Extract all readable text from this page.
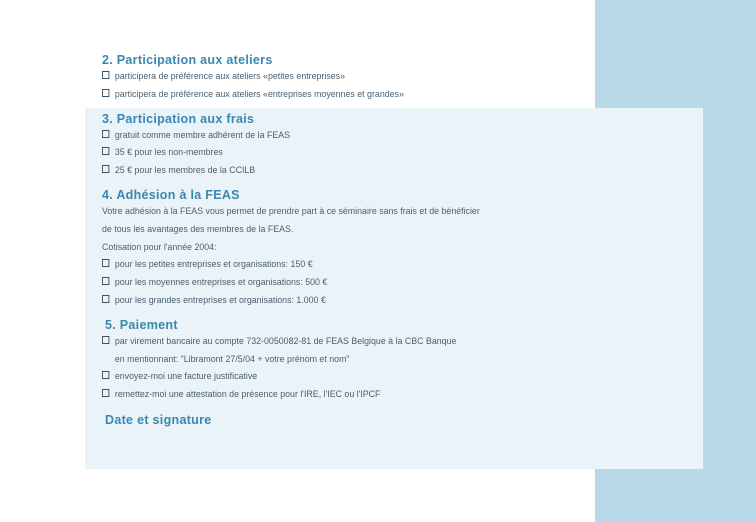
2. Participation aux ateliers
participera de préférence aux ateliers «petites entreprises»
participera de préférence aux ateliers «entreprises moyennes et grandes»
3. Participation aux frais
gratuit comme membre adhérent de la FEAS
35 € pour les non-membres
25 € pour les membres de la CCILB
4. Adhésion à la FEAS
Votre adhésion à la FEAS vous permet de prendre part à ce séminaire sans frais et de bénéficier
de tous les avantages des membres de la FEAS.
Cotisation pour l'année 2004:
pour les petites entreprises et organisations: 150 €
pour les moyennes entreprises et organisations: 500 €
pour les grandes entreprises et organisations: 1.000 €
5. Paiement
par virement bancaire au compte 732-0050082-81 de FEAS Belgique à la CBC Banque
en mentionnant: "Libramont 27/5/04 + votre prénom et nom"
envoyez-moi une facture justificative
remettez-moi une attestation de présence pour l'IRE, l'IEC ou l'IPCF
Date et signature
